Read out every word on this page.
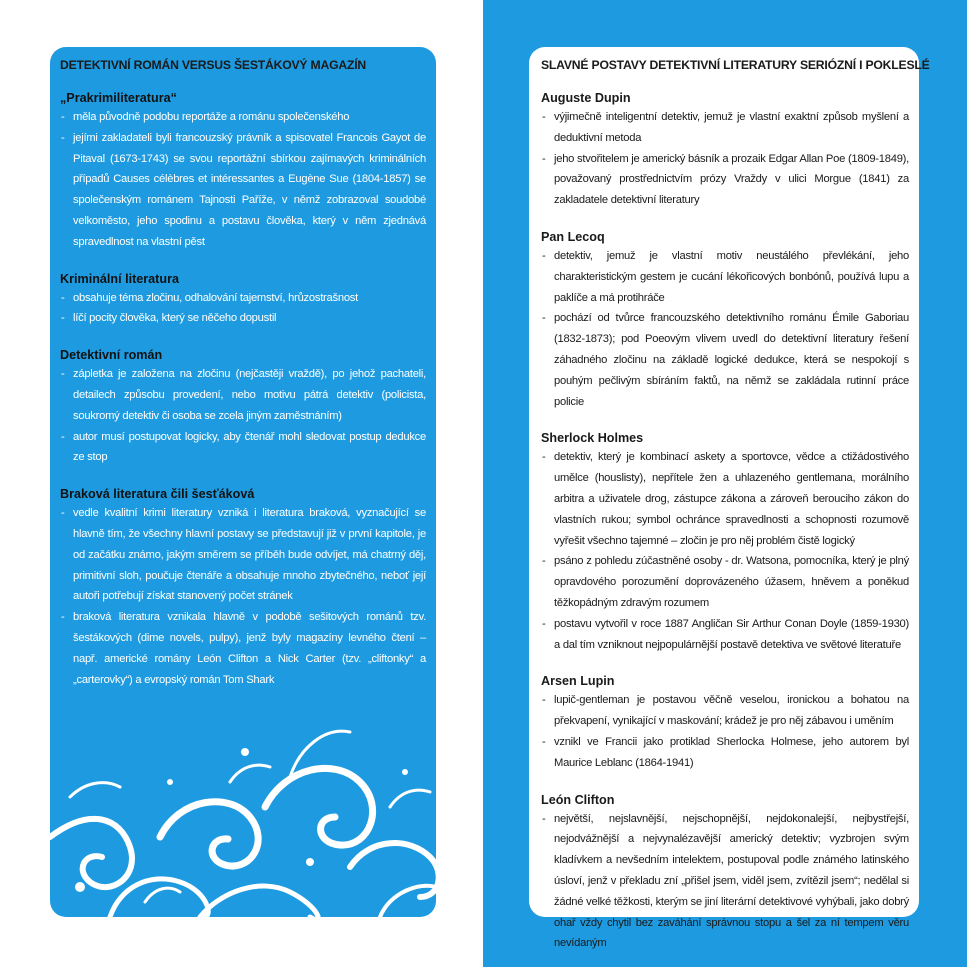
DETEKTIVNÍ ROMÁN VERSUS ŠESTÁKOVÝ MAGAZÍN
„Prakrimiliteratura“
- měla původně podobu reportáže a románu společenského
- jejími zakladateli byli francouzský právník a spisovatel Francois Gayot de Pitaval (1673-1743) se svou reportážní sbírkou zajímavých kriminálních případů Causes célèbres et intéressantes a Eugène Sue (1804-1857) se společenským románem Tajnosti Paříže, v němž zobrazoval soudobé velkoměsto, jeho spodinu a postavu člověka, který v něm zjednává spravedlnost na vlastní pěst
Kriminální literatura
- obsahuje téma zločinu, odhalování tajemství, hrůzostrašnost
- líčí pocity člověka, který se něčeho dopustil
Detektivní román
- zápletka je založena na zločinu (nejčastěji vraždě), po jehož pachateli, detailech způsobu provedení, nebo motivu pátrá detektiv (policista, soukromý detektiv či osoba se zcela jiným zaměstnáním)
- autor musí postupovat logicky, aby čtenář mohl sledovat postup dedukce ze stop
Braková literatura čili šesťáková
- vedle kvalitní krimi literatury vzniká i literatura braková, vyznačující se hlavně tím, že všechny hlavní postavy se představují již v první kapitole, je od začátku známo, jakým směrem se příběh bude odvíjet, má chatrný děj, primitivní sloh, poučuje čtenáře a obsahuje mnoho zbytečného, neboť její autoři potřebují získat stanovený počet stránek
- braková literatura vznikala hlavně v podobě sešitových románů tzv. šestákových (dime novels, pulpy), jenž byly magazíny levného čtení – např. americké romány León Clifton a Nick Carter (tzv. „cliftonky“ a „carterovky“) a evropský román Tom Shark
SLAVNÉ POSTAVY DETEKTIVNÍ LITERATURY SERIÓZNÍ I POKLESLÉ
Auguste Dupin
- výjimečně inteligentní detektiv, jemuž je vlastní exaktní způsob myšlení a deduktivní metoda
- jeho stvořitelem je americký básník a prozaik Edgar Allan Poe (1809-1849), považovaný prostřednictvím prózy Vraždy v ulici Morgue (1841) za zakladatele detektivní literatury
Pan Lecoq
- detektiv, jemuž je vlastní motiv neustálého převlékání, jeho charakteristickým gestem je cucání lékořicových bonbónů, používá lupu a paklíče a má protihráče
- pochází od tvůrce francouzského detektivního románu Émile Gaboriau (1832-1873); pod Poeovým vlivem uvedl do detektivní literatury řešení záhadného zločinu na základě logické dedukce, která se nespokojí s pouhým pečlivým sbíráním faktů, na němž se zakládala rutinní práce policie
Sherlock Holmes
- detektiv, který je kombinací askety a sportovce, vědce a ctižádostivého umělce (houslisty), nepřítele žen a uhlazeného gentlemana, morálního arbitra a uživatele drog, zástupce zákona a zároveň berouciho zákon do vlastních rukou; symbol ochránce spravedlnosti a schopnosti rozumově vyřešit všechno tajemné – zločin je pro něj problém čistě logický
- psáno z pohledu zúčastněné osoby - dr. Watsona, pomocníka, který je plný opravdového porozumění doprovázeného úžasem, hněvem a poněkud těžkopádným zdravým rozumem
- postavu vytvořil v roce 1887 Angličan Sir Arthur Conan Doyle (1859-1930) a dal tím vzniknout nejpopulárnější postavě detektiva ve světové literatuře
Arsen Lupin
- lupič-gentleman je postavou věčně veselou, ironickou a bohatou na překvapení, vynikající v maskování; krádež je pro něj zábavou i uměním
- vznikl ve Francii jako protiklad Sherlocka Holmese, jeho autorem byl Maurice Leblanc (1864-1941)
León Clifton
- největší, nejslavnější, nejschopnější, nejdokonalejší, nejbystřejší, nejodvážnější a nejvynalézavější americký detektiv; vyzbrojen svým kladívkem a nevšedním intelektem, postupoval podle známého latinského úsloví, jenž v překladu zní „přišel jsem, viděl jsem, zvítězil jsem“; nedělal si žádné velké těžkosti, kterým se jiní literární detektivové vyhýbali, jako dobrý ohař vždy chytil bez zaváhání správnou stopu a šel za ní tempem věru nevídaným
